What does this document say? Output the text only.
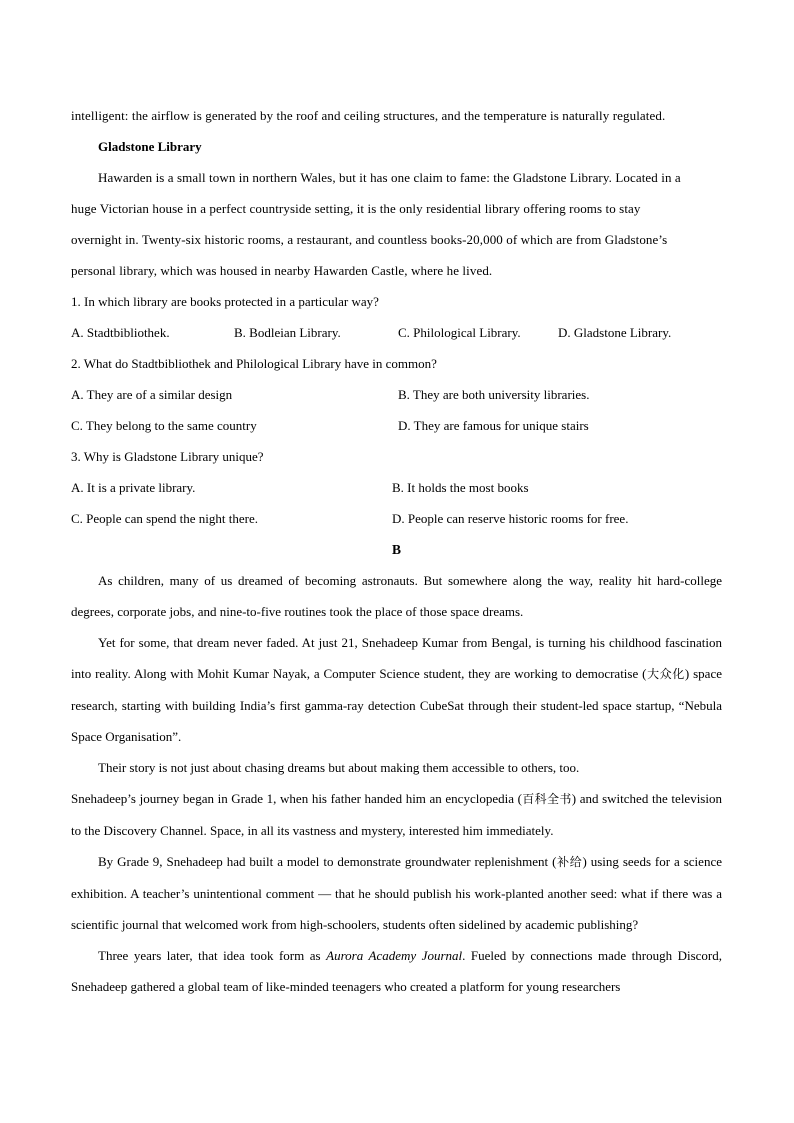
intelligent: the airflow is generated by the roof and ceiling structures, and the temperature is naturally regulated.
Gladstone Library
Hawarden is a small town in northern Wales, but it has one claim to fame: the Gladstone Library. Located in a
huge Victorian house in a perfect countryside setting, it is the only residential library offering rooms to stay
overnight in. Twenty-six historic rooms, a restaurant, and countless books-20,000 of which are from Gladstone’s
personal library, which was housed in nearby Hawarden Castle, where he lived.
1. In which library are books protected in a particular way?
A. Stadtbibliothek.	B. Bodleian Library.	C. Philological Library.	D. Gladstone Library.
2. What do Stadtbibliothek and Philological Library have in common?
A. They are of a similar design	B. They are both university libraries.
C. They belong to the same country	D. They are famous for unique stairs
3. Why is Gladstone Library unique?
A. It is a private library.	B. It holds the most books
C. People can spend the night there.	D. People can reserve historic rooms for free.
B

As children, many of us dreamed of becoming astronauts. But somewhere along the way, reality hit hard-college degrees, corporate jobs, and nine-to-five routines took the place of those space dreams.

Yet for some, that dream never faded. At just 21, Snehadeep Kumar from Bengal, is turning his childhood fascination into reality. Along with Mohit Kumar Nayak, a Computer Science student, they are working to democratise (大众化) space research, starting with building India’s first gamma-ray detection CubeSat through their student-led space startup, “Nebula Space Organisation”.

Their story is not just about chasing dreams but about making them accessible to others, too.

Snehadeep’s journey began in Grade 1, when his father handed him an encyclopedia (百科全书) and switched the television to the Discovery Channel. Space, in all its vastness and mystery, interested him immediately.

By Grade 9, Snehadeep had built a model to demonstrate groundwater replenishment (补给) using seeds for a science exhibition. A teacher’s unintentional comment — that he should publish his work-planted another seed: what if there was a scientific journal that welcomed work from high-schoolers, students often sidelined by academic publishing?

Three years later, that idea took form as Aurora Academy Journal. Fueled by connections made through Discord, Snehadeep gathered a global team of like-minded teenagers who created a platform for young researchers
